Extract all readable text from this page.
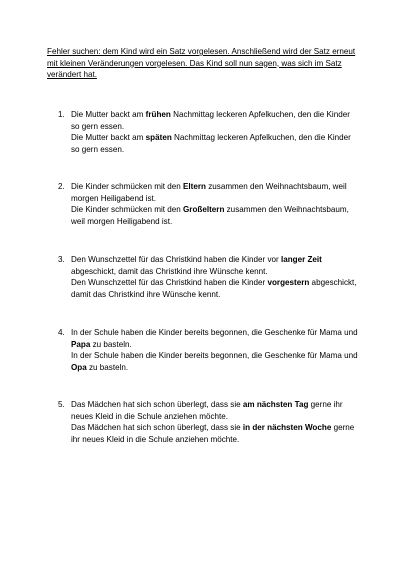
Fehler suchen: dem Kind wird ein Satz vorgelesen. Anschließend wird der Satz erneut mit kleinen Veränderungen vorgelesen. Das Kind soll nun sagen, was sich im Satz verändert hat.
1. Die Mutter backt am frühen Nachmittag leckeren Apfelkuchen, den die Kinder so gern essen.

Die Mutter backt am späten Nachmittag leckeren Apfelkuchen, den die Kinder so gern essen.

2. Die Kinder schmücken mit den Eltern zusammen den Weihnachtsbaum, weil morgen Heiligabend ist.

Die Kinder schmücken mit den Großeltern zusammen den Weihnachtsbaum, weil morgen Heiligabend ist.

3. Den Wunschzettel für das Christkind haben die Kinder vor langer Zeit abgeschickt, damit das Christkind ihre Wünsche kennt.

Den Wunschzettel für das Christkind haben die Kinder vorgestern abgeschickt, damit das Christkind ihre Wünsche kennt.

4. In der Schule haben die Kinder bereits begonnen, die Geschenke für Mama und Papa zu basteln.

In der Schule haben die Kinder bereits begonnen, die Geschenke für Mama und Opa zu basteln.

5. Das Mädchen hat sich schon überlegt, dass sie am nächsten Tag gerne ihr neues Kleid in die Schule anziehen möchte.

Das Mädchen hat sich schon überlegt, dass sie in der nächsten Woche gerne ihr neues Kleid in die Schule anziehen möchte.
